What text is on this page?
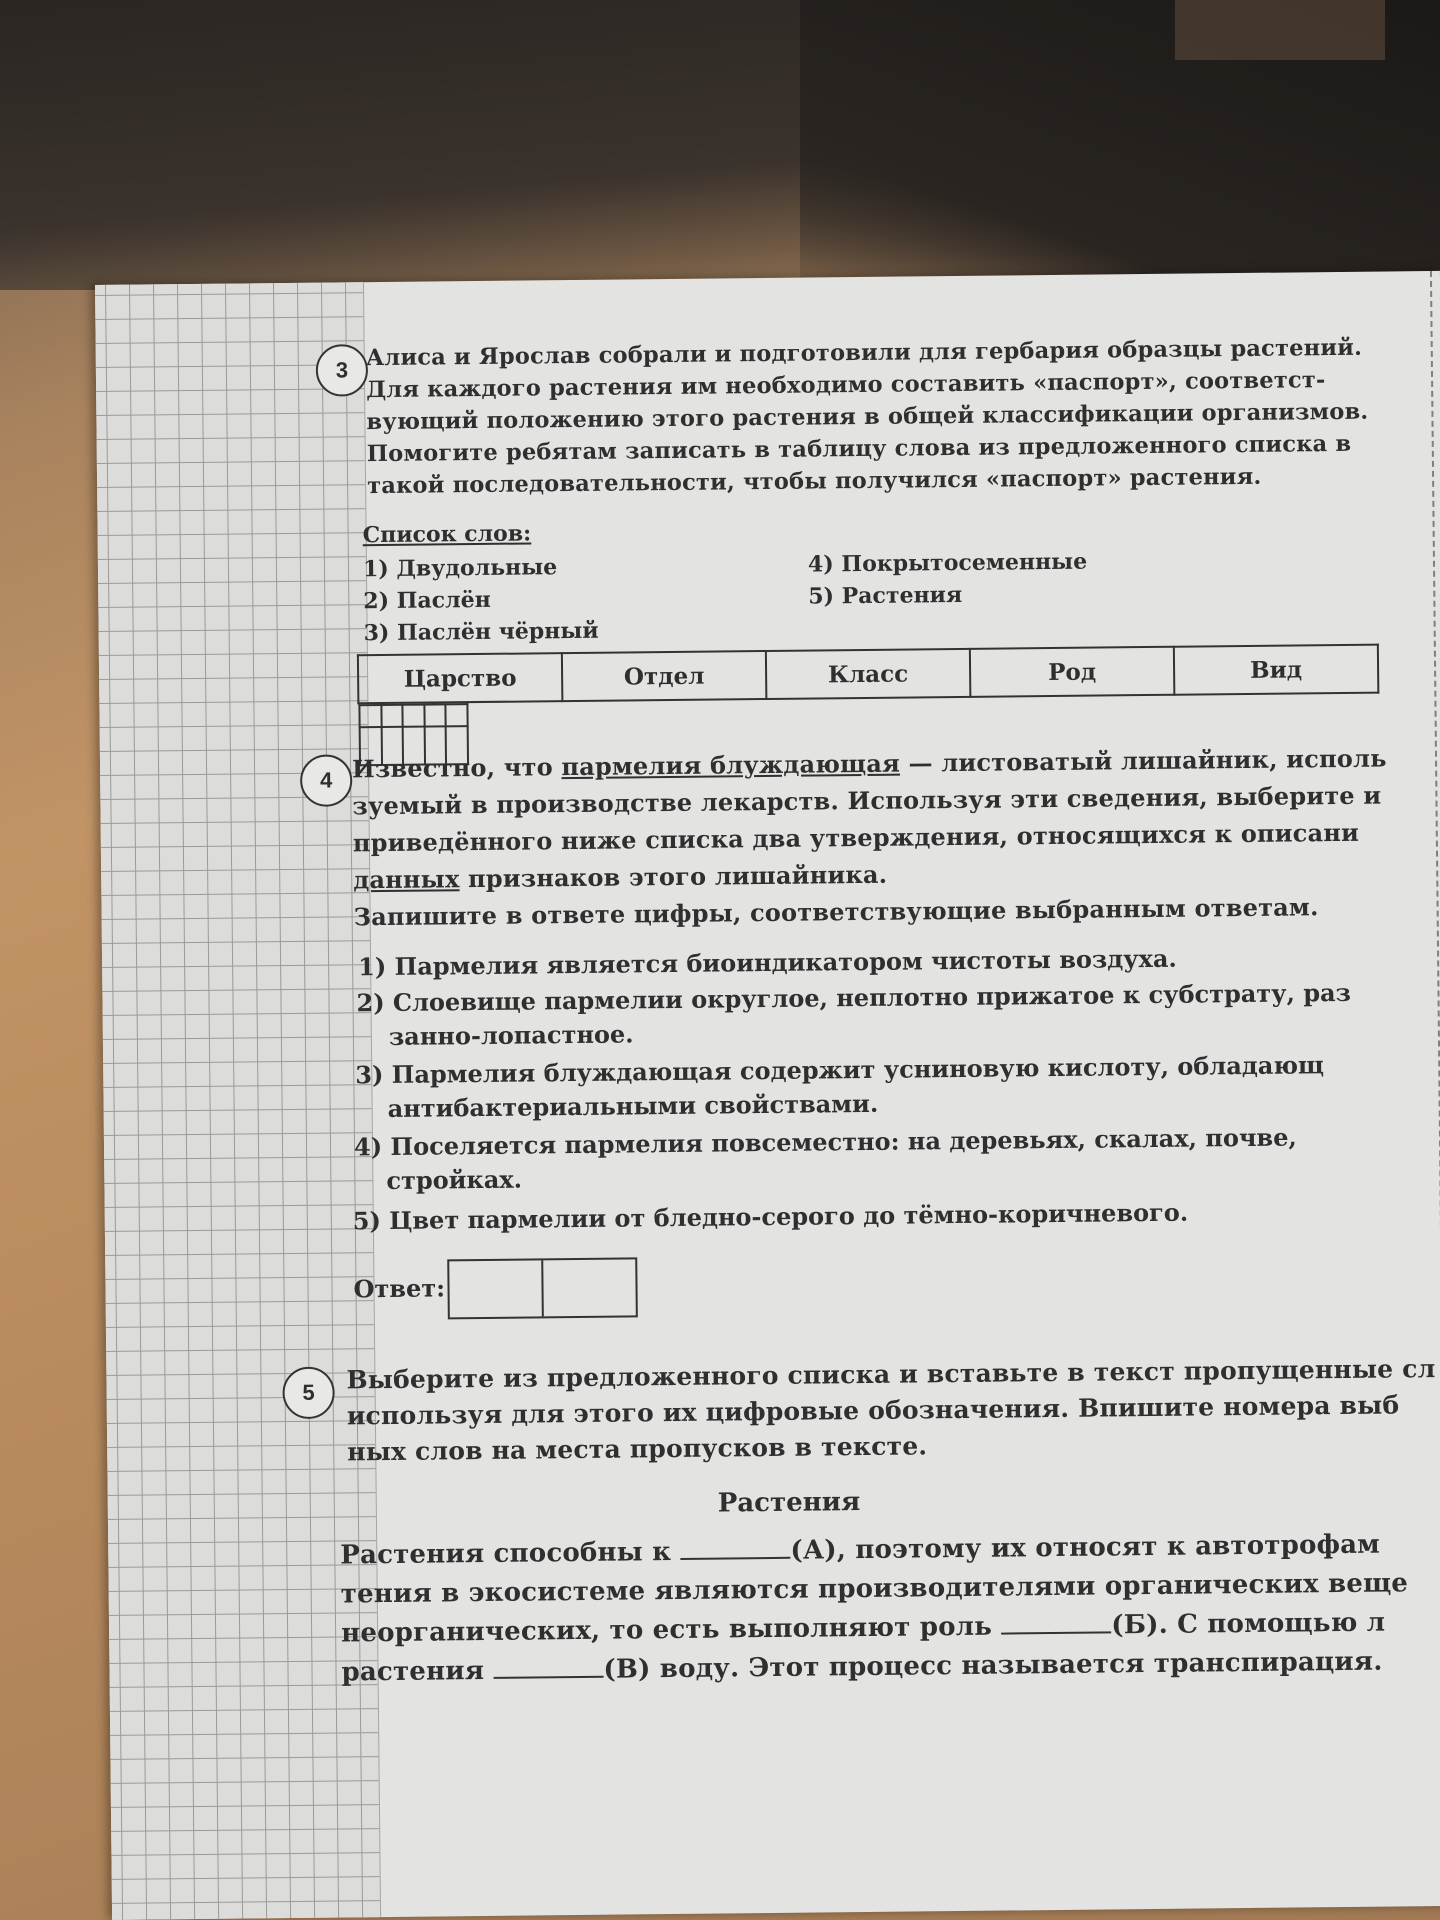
3 Алиса и Ярослав собрали и подготовили для гербария образцы растений.
Для каждого растения им необходимо составить «паспорт», соответст-
вующий положению этого растения в общей классификации организмов.
Помогите ребятам записать в таблицу слова из предложенного списка в
такой последовательности, чтобы получился «паспорт» растения.
Список слов:
1) Двудольные
2) Паслён
3) Паслён чёрный
4) Покрытосеменные
5) Растения
Царство	Отдел	Класс	Род	Вид

4 Известно, что пармелия блуждающая — листоватый лишайник, исполь
зуемый в производстве лекарств. Используя эти сведения, выберите и
приведённого ниже списка два утверждения, относящихся к описани
данных признаков этого лишайника.
Запишите в ответе цифры, соответствующие выбранным ответам.
1) Пармелия является биоиндикатором чистоты воздуха.
2) Слоевище пармелии округлое, неплотно прижатое к субстрату, раз
занно-лопастное.
3) Пармелия блуждающая содержит усниновую кислоту, обладающ
антибактериальными свойствами.
4) Поселяется пармелия повсеместно: на деревьях, скалах, почве,
стройках.
5) Цвет пармелии от бледно-серого до тёмно-коричневого.
Ответ:
5	Выберите из предложенного списка и вставьте в текст пропущенные сл
используя для этого их цифровые обозначения. Впишите номера выб
ных слов на места пропусков в тексте.
Растения
Растения способны к	(А), поэтому их относят к автотрофам
тения в экосистеме являются производителями органических веще
неорганических, то есть выполняют роль	(Б). С помощью л
растения	(В) воду. Этот процесс называется транспирация.
